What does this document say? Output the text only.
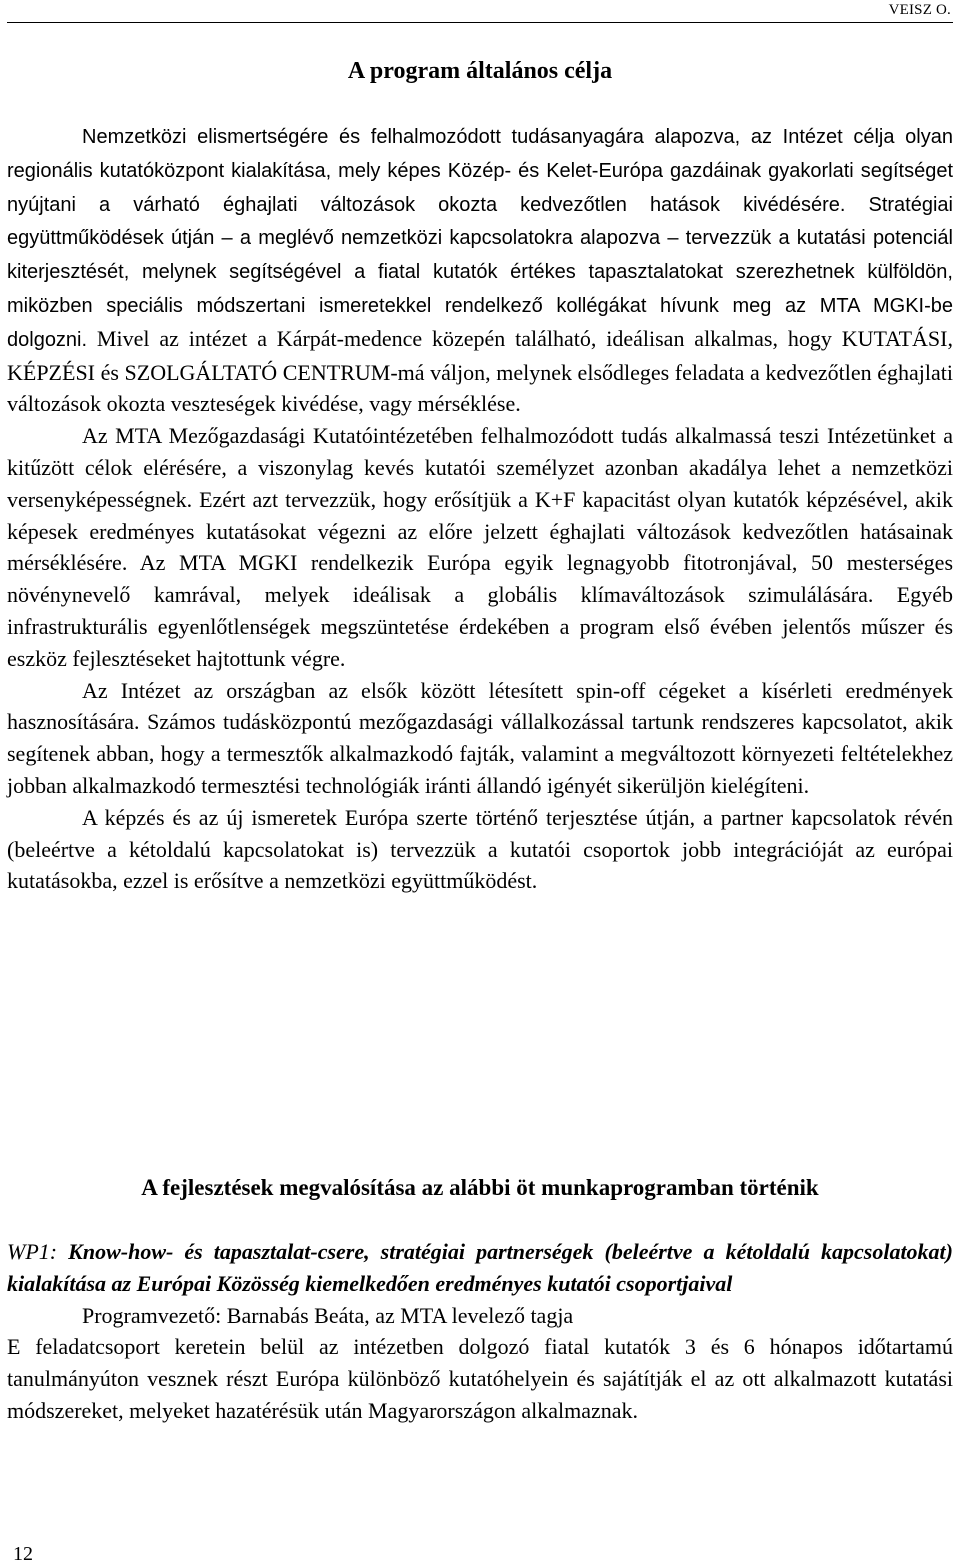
VEISZ O.
A program általános célja

Nemzetközi elismertségére és felhalmozódott tudásanyagára alapozva, az Intézet célja olyan regionális kutatóközpont kialakítása, mely képes Közép- és Kelet-Európa gazdáinak gyakorlati segítséget nyújtani a várható éghajlati változások okozta kedvezőtlen hatások kivédésére. Stratégiai együttműködések útján – a meglévő nemzetközi kapcsolatokra alapozva – tervezzük a kutatási potenciál kiterjesztését, melynek segítségével a fiatal kutatók értékes tapasztalatokat szerezhetnek külföldön, miközben speciális módszertani ismeretekkel rendelkező kollégákat hívunk meg az MTA MGKI-be dolgozni. Mivel az intézet a Kárpát-medence közepén található, ideálisan alkalmas, hogy KUTATÁSI, KÉPZÉSI és SZOLGÁLTATÓ CENTRUM-má váljon, melynek elsődleges feladata a kedvezőtlen éghajlati változások okozta veszteségek kivédése, vagy mérséklése.

Az MTA Mezőgazdasági Kutatóintézetében felhalmozódott tudás alkalmassá teszi Intézetünket a kitűzött célok elérésére, a viszonylag kevés kutatói személyzet azonban akadálya lehet a nemzetközi versenyképességnek. Ezért azt tervezzük, hogy erősítjük a K+F kapacitást olyan kutatók képzésével, akik képesek eredményes kutatásokat végezni az előre jelzett éghajlati változások kedvezőtlen hatásainak mérséklésére. Az MTA MGKI rendelkezik Európa egyik legnagyobb fitotronjával, 50 mesterséges növénynevelő kamrával, melyek ideálisak a globális klímaváltozások szimulálására. Egyéb infrastrukturális egyenlőtlenségek megszüntetése érdekében a program első évében jelentős műszer és eszköz fejlesztéseket hajtottunk végre.

Az Intézet az országban az elsők között létesített spin-off cégeket a kísérleti eredmények hasznosítására. Számos tudásközpontú mezőgazdasági vállalkozással tartunk rendszeres kapcsolatot, akik segítenek abban, hogy a termesztők alkalmazkodó fajták, valamint a megváltozott környezeti feltételekhez jobban alkalmazkodó termesztési technológiák iránti állandó igényét sikerüljön kielégíteni.

A képzés és az új ismeretek Európa szerte történő terjesztése útján, a partner kapcsolatok révén (beleértve a kétoldalú kapcsolatokat is) tervezzük a kutatói csoportok jobb integrációját az európai kutatásokba, ezzel is erősítve a nemzetközi együttműködést.

A fejlesztések megvalósítása az alábbi öt munkaprogramban történik

WP1: Know-how- és tapasztalat-csere, stratégiai partnerségek (beleértve a kétoldalú kapcsolatokat) kialakítása az Európai Közösség kiemelkedően eredményes kutatói csoportjaival

Programvezető: Barnabás Beáta, az MTA levelező tagja

E feladatcsoport keretein belül az intézetben dolgozó fiatal kutatók 3 és 6 hónapos időtartamú tanulmányúton vesznek részt Európa különböző kutatóhelyein és sajátítják el az ott alkalmazott kutatási módszereket, melyeket hazatérésük után Magyarországon alkalmaznak.

12
